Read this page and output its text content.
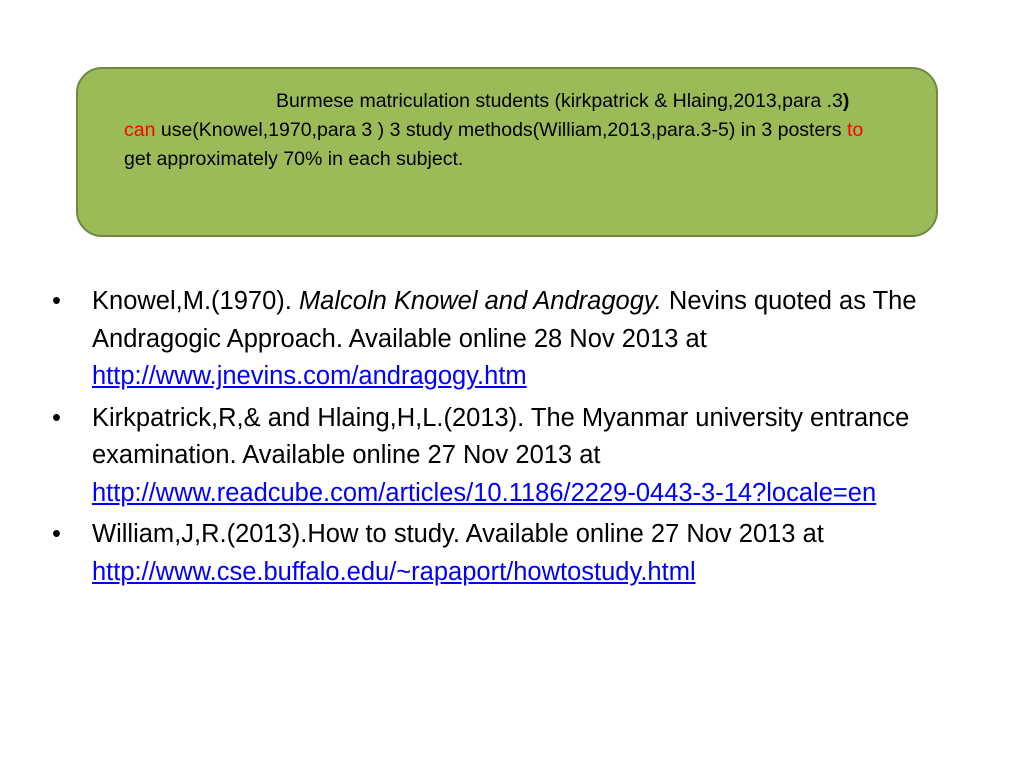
Burmese matriculation students (kirkpatrick & Hlaing,2013,para .3)  can use(Knowel,1970,para 3 ) 3 study methods(William,2013,para.3-5) in 3 posters to get approximately 70% in each subject.
•	Knowel,M.(1970). Malcoln Knowel and Andragogy. Nevins quoted as The Andragogic Approach. Available online 28 Nov 2013 at http://www.jnevins.com/andragogy.htm
•	Kirkpatrick,R,& and Hlaing,H,L.(2013). The Myanmar university entrance examination. Available online 27 Nov 2013 at http://www.readcube.com/articles/10.1186/2229-0443-3-14?locale=en
•	William,J,R.(2013).How to study. Available online 27 Nov 2013 at http://www.cse.buffalo.edu/~rapaport/howtostudy.html
